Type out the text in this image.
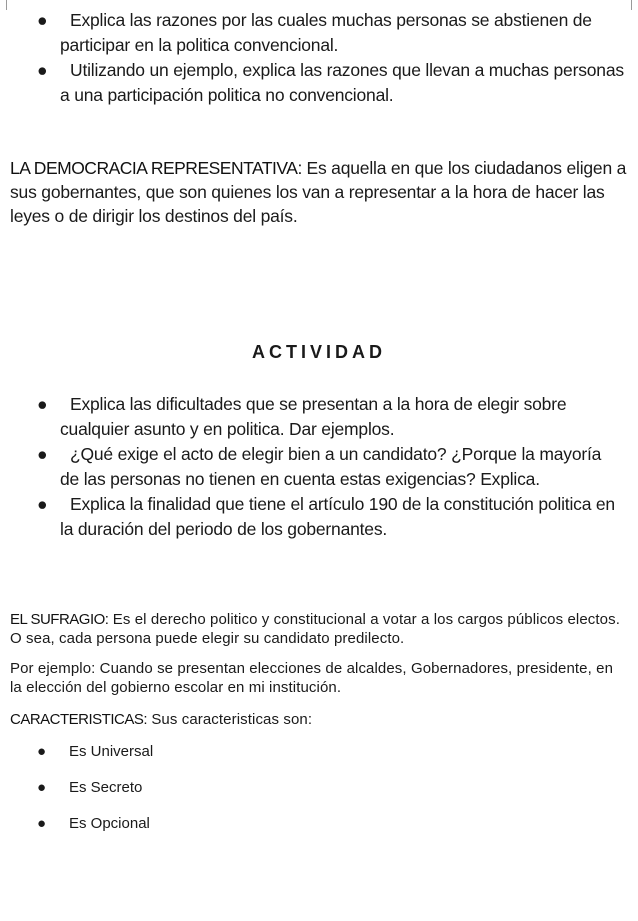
● Explica las razones por las cuales muchas personas se abstienen de participar en la politica convencional.
● Utilizando un ejemplo, explica las razones que llevan a muchas personas a una participación politica no convencional.

LA DEMOCRACIA REPRESENTATIVA: Es aquella en que los ciudadanos eligen a sus gobernantes, que son quienes los van a representar a la hora de hacer las leyes o de dirigir los destinos del país.

ACTIVIDAD
● Explica las dificultades que se presentan a la hora de elegir sobre cualquier asunto y en politica. Dar ejemplos.
● ¿Qué exige el acto de elegir bien a un candidato? ¿Porque la mayoría de las personas no tienen en cuenta estas exigencias? Explica.
● Explica la finalidad que tiene el artículo 190 de la constitución politica en la duración del periodo de los gobernantes.

EL SUFRAGIO: Es el derecho politico y constitucional a votar a los cargos públicos electos. O sea, cada persona puede elegir su candidato predilecto.

Por ejemplo: Cuando se presentan elecciones de alcaldes, Gobernadores, presidente, en la elección del gobierno escolar en mi institución.

CARACTERISTICAS: Sus caracteristicas son:

● Es Universal
● Es Secreto
● Es Opcional
